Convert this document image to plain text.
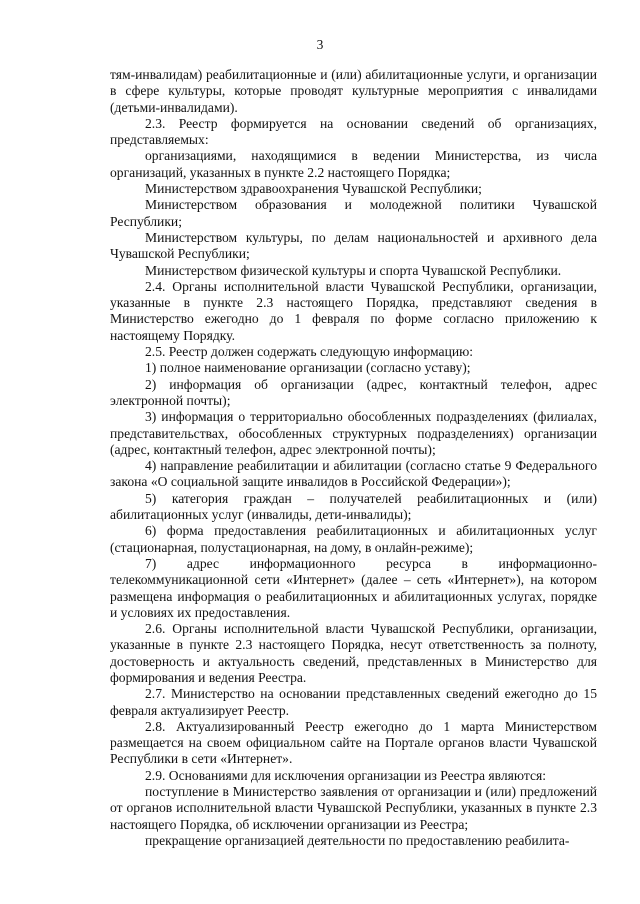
3

тям-инвалидам) реабилитационные и (или) абилитационные услуги, и организации в сфере культуры, которые проводят культурные мероприятия с инвалидами (детьми-инвалидами).

2.3. Реестр формируется на основании сведений об организациях, представляемых:

организациями, находящимися в ведении Министерства, из числа организаций, указанных в пункте 2.2 настоящего Порядка;

Министерством здравоохранения Чувашской Республики;

Министерством образования и молодежной политики Чувашской Республики;

Министерством культуры, по делам национальностей и архивного дела Чувашской Республики;

Министерством физической культуры и спорта Чувашской Республики.

2.4. Органы исполнительной власти Чувашской Республики, организации, указанные в пункте 2.3 настоящего Порядка, представляют сведения в Министерство ежегодно до 1 февраля по форме согласно приложению к настоящему Порядку.

2.5. Реестр должен содержать следующую информацию:

1) полное наименование организации (согласно уставу);

2) информация об организации (адрес, контактный телефон, адрес электронной почты);

3) информация о территориально обособленных подразделениях (филиалах, представительствах, обособленных структурных подразделениях) организации (адрес, контактный телефон, адрес электронной почты);

4) направление реабилитации и абилитации (согласно статье 9 Федерального закона «О социальной защите инвалидов в Российской Федерации»);

5) категория граждан – получателей реабилитационных и (или) абилитационных услуг (инвалиды, дети-инвалиды);

6) форма предоставления реабилитационных и абилитационных услуг (стационарная, полустационарная, на дому, в онлайн-режиме);

7) адрес информационного ресурса в информационно-телекоммуникационной сети «Интернет» (далее – сеть «Интернет»), на котором размещена информация о реабилитационных и абилитационных услугах, порядке и условиях их предоставления.

2.6. Органы исполнительной власти Чувашской Республики, организации, указанные в пункте 2.3 настоящего Порядка, несут ответственность за полноту, достоверность и актуальность сведений, представленных в Министерство для формирования и ведения Реестра.

2.7. Министерство на основании представленных сведений ежегодно до 15 февраля актуализирует Реестр.

2.8. Актуализированный Реестр ежегодно до 1 марта Министерством размещается на своем официальном сайте на Портале органов власти Чувашской Республики в сети «Интернет».

2.9. Основаниями для исключения организации из Реестра являются:

поступление в Министерство заявления от организации и (или) предложений от органов исполнительной власти Чувашской Республики, указанных в пункте 2.3 настоящего Порядка, об исключении организации из Реестра;

прекращение организацией деятельности по предоставлению реабилита-
